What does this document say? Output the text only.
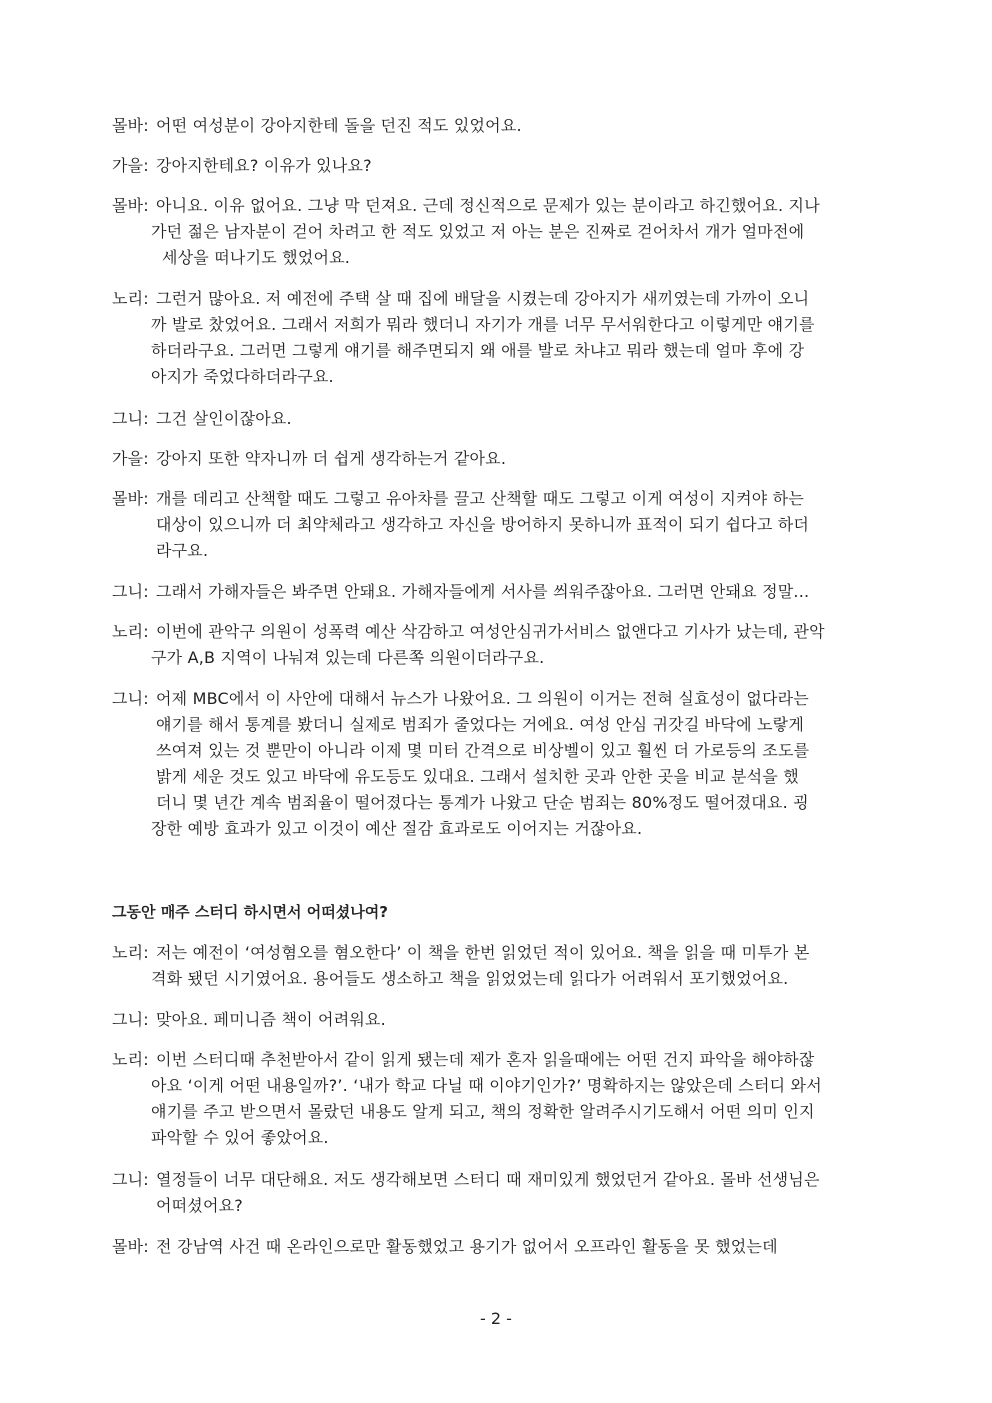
몰바: 어떤 여성분이 강아지한테 돌을 던진 적도 있었어요.
가을: 강아지한테요? 이유가 있나요?
몰바: 아니요. 이유 없어요. 그냥 막 던져요. 근데 정신적으로 문제가 있는 분이라고 하긴했어요. 지나
가던 젊은 남자분이 걷어 차려고 한 적도 있었고 저 아는 분은 진짜로 걷어차서 개가 얼마전에
세상을 떠나기도 했었어요.
노리: 그런거 많아요. 저 예전에 주택 살 때 집에 배달을 시켰는데 강아지가 새끼였는데 가까이 오니
까 발로 찼었어요. 그래서 저희가 뭐라 했더니 자기가 개를 너무 무서워한다고 이렇게만 얘기를
하더라구요. 그러면 그렇게 얘기를 해주면되지 왜 애를 발로 차냐고 뭐라 했는데 얼마 후에 강
아지가 죽었다하더라구요.
그니: 그건 살인이잖아요.
가을: 강아지 또한 약자니까 더 쉽게 생각하는거 같아요.
몰바: 개를 데리고 산책할 때도 그렇고 유아차를 끌고 산책할 때도 그렇고 이게 여성이 지켜야 하는
대상이 있으니까 더 최약체라고 생각하고 자신을 방어하지 못하니까 표적이 되기 쉽다고 하더
라구요.
그니: 그래서 가해자들은 봐주면 안돼요. 가해자들에게 서사를 씌워주잖아요. 그러면 안돼요 정말...
노리: 이번에 관악구 의원이 성폭력 예산 삭감하고 여성안심귀가서비스 없앤다고 기사가 났는데, 관악
구가 A,B 지역이 나눠져 있는데 다른쪽 의원이더라구요.
그니: 어제 MBC에서 이 사안에 대해서 뉴스가 나왔어요. 그 의원이 이거는 전혀 실효성이 없다라는
얘기를 해서 통계를 봤더니 실제로 범죄가 줄었다는 거에요. 여성 안심 귀갓길 바닥에 노랗게
쓰여져 있는 것 뿐만이 아니라 이제 몇 미터 간격으로 비상벨이 있고 훨씬 더 가로등의 조도를
밝게 세운 것도 있고 바닥에 유도등도 있대요. 그래서 설치한 곳과 안한 곳을 비교 분석을 했
더니 몇 년간 계속 범죄율이 떨어졌다는 통계가 나왔고 단순 범죄는 80%정도 떨어졌대요. 굉
장한 예방 효과가 있고 이것이 예산 절감 효과로도 이어지는 거잖아요.
그동안 매주 스터디 하시면서 어떠셨나여?
노리: 저는 예전이 ‘여성혐오를 혐오한다’ 이 책을 한번 읽었던 적이 있어요. 책을 읽을 때 미투가 본
격화 됐던 시기였어요. 용어들도 생소하고 책을 읽었었는데 읽다가 어려워서 포기했었어요.
그니: 맞아요. 페미니즘 책이 어려워요.
노리: 이번 스터디때 추천받아서 같이 읽게 됐는데 제가 혼자 읽을때에는 어떤 건지 파악을 해야하잖
아요 ‘이게 어떤 내용일까?’. ‘내가 학교 다닐 때 이야기인가?’ 명확하지는 않았은데 스터디 와서
얘기를 주고 받으면서 몰랐던 내용도 알게 되고, 책의 정확한 알려주시기도해서 어떤 의미 인지
파악할 수 있어 좋았어요.
그니: 열정들이 너무 대단해요. 저도 생각해보면 스터디 때 재미있게 했었던거 같아요. 몰바 선생님은
어떠셨어요?
몰바: 전 강남역 사건 때 온라인으로만 활동했었고 용기가 없어서 오프라인 활동을 못 했었는데
- 2 -
